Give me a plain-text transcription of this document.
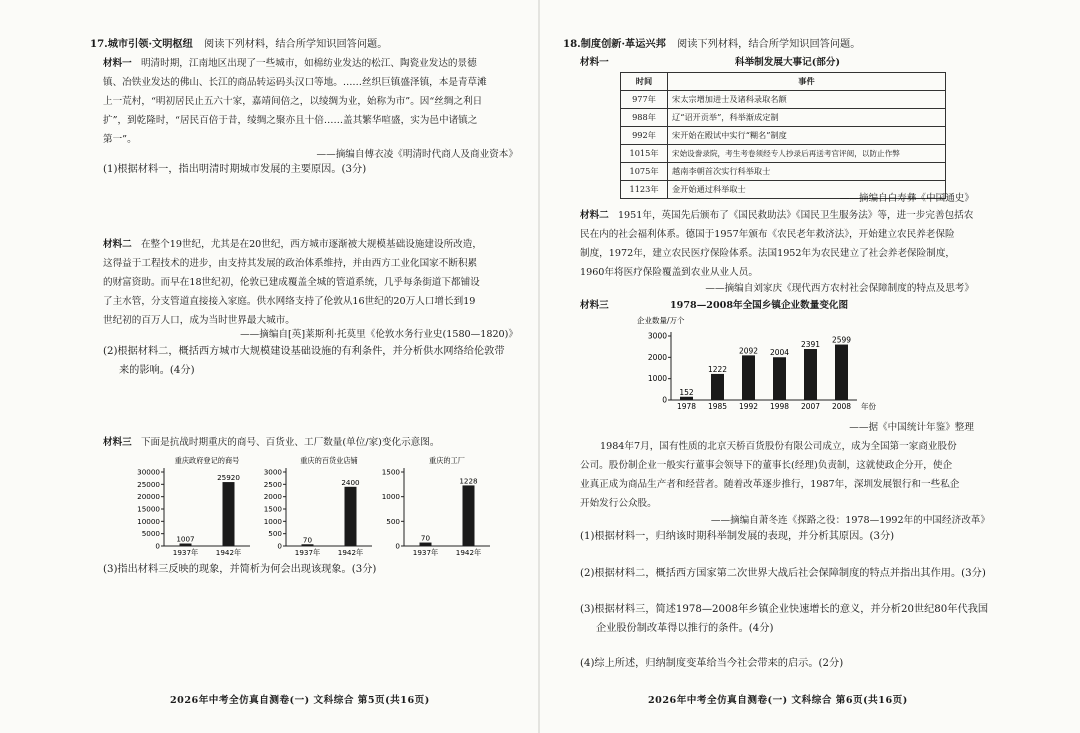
17.城市引领·文明枢纽 阅读下列材料，结合所学知识回答问题。
材料一 明清时期，江南地区出现了一些城市，如棉纺业发达的松江、陶瓷业发达的景德
镇、冶铁业发达的佛山、长江的商品转运码头汉口等地。……丝织巨镇盛泽镇，本是青草滩
上一荒村，“明初居民止五六十家，嘉靖间倍之，以绫绸为业，始称为市”。因“丝绸之利日
扩”，到乾隆时，“居民百倍于昔，绫绸之聚亦且十倍……盖其繁华喧盛，实为邑中诸镇之
第一”。
——摘编自傅衣凌《明清时代商人及商业资本》
(1)根据材料一，指出明清时期城市发展的主要原因。(3分)
材料二 在整个19世纪，尤其是在20世纪，西方城市逐渐被大规模基础设施建设所改造，
这得益于工程技术的进步，由支持其发展的政治体系维持，并由西方工业化国家不断积累
的财富资助。而早在18世纪初，伦敦已建成覆盖全城的管道系统，几乎每条街道下都铺设
了主水管，分支管道直接接入家庭。供水网络支持了伦敦从16世纪的20万人口增长到19
世纪初的百万人口，成为当时世界最大城市。
——摘编自[英]莱斯利·托莫里《伦敦水务行业史(1580—1820)》
(2)根据材料二，概括西方城市大规模建设基础设施的有利条件，并分析供水网络给伦敦带
来的影响。(4分)
材料三 下面是抗战时期重庆的商号、百货业、工厂数量(单位/家)变化示意图。
重庆政府登记的商号
0
5000
10000
15000
20000
25000
30000
1007
1937年
25920
1942年
重庆的百货业店铺
0
500
1000
1500
2000
2500
3000
70
1937年
2400
1942年
重庆的工厂
0
500
1000
1500
70
1937年
1228
1942年
(3)指出材料三反映的现象，并简析为何会出现该现象。(3分)
2026年中考全仿真自测卷(一) 文科综合 第5页(共16页)
18.制度创新·革运兴邦 阅读下列材料，结合所学知识回答问题。
材料一	科举制发展大事记(部分)
时间	事件
977年	宋太宗增加进士及诸科录取名额
988年	辽“诏开贡举”，科举渐成定制
992年	宋开始在殿试中实行“糊名”制度
1015年	宋始设誊录院，考生考卷须经专人抄录后再送考官评阅，以防止作弊
1075年	越南李朝首次实行科举取士
1123年	金开始通过科举取士
——摘编自白寿彝《中国通史》
材料二 1951年，英国先后颁布了《国民救助法》《国民卫生服务法》等，进一步完善包括农
民在内的社会福利体系。德国于1957年颁布《农民老年救济法》，开始建立农民养老保险
制度，1972年，建立农民医疗保险体系。法国1952年为农民建立了社会养老保险制度，
1960年将医疗保险覆盖到农业从业人员。
——摘编自刘家庆《现代西方农村社会保障制度的特点及思考》
材料三	1978—2008年全国乡镇企业数量变化图
企业数量/万个
0
1000
2000
3000
152
1978
1222
1985
2092
1992
2004
1998
2391
2007
2599
2008 年份
——据《中国统计年鉴》整理
1984年7月，国有性质的北京天桥百货股份有限公司成立，成为全国第一家商业股份
公司。股份制企业一般实行董事会领导下的董事长(经理)负责制，这就使政企分开，使企
业真正成为商品生产者和经营者。随着改革逐步推行，1987年，深圳发展银行和一些私企
开始发行公众股。
——摘编自萧冬连《探路之役：1978—1992年的中国经济改革》
(1)根据材料一，归纳该时期科举制发展的表现，并分析其原因。(3分)
(2)根据材料二，概括西方国家第二次世界大战后社会保障制度的特点并指出其作用。(3分)
(3)根据材料三，简述1978—2008年乡镇企业快速增长的意义，并分析20世纪80年代我国
企业股份制改革得以推行的条件。(4分)
(4)综上所述，归纳制度变革给当今社会带来的启示。(2分)
2026年中考全仿真自测卷(一) 文科综合 第6页(共16页)
